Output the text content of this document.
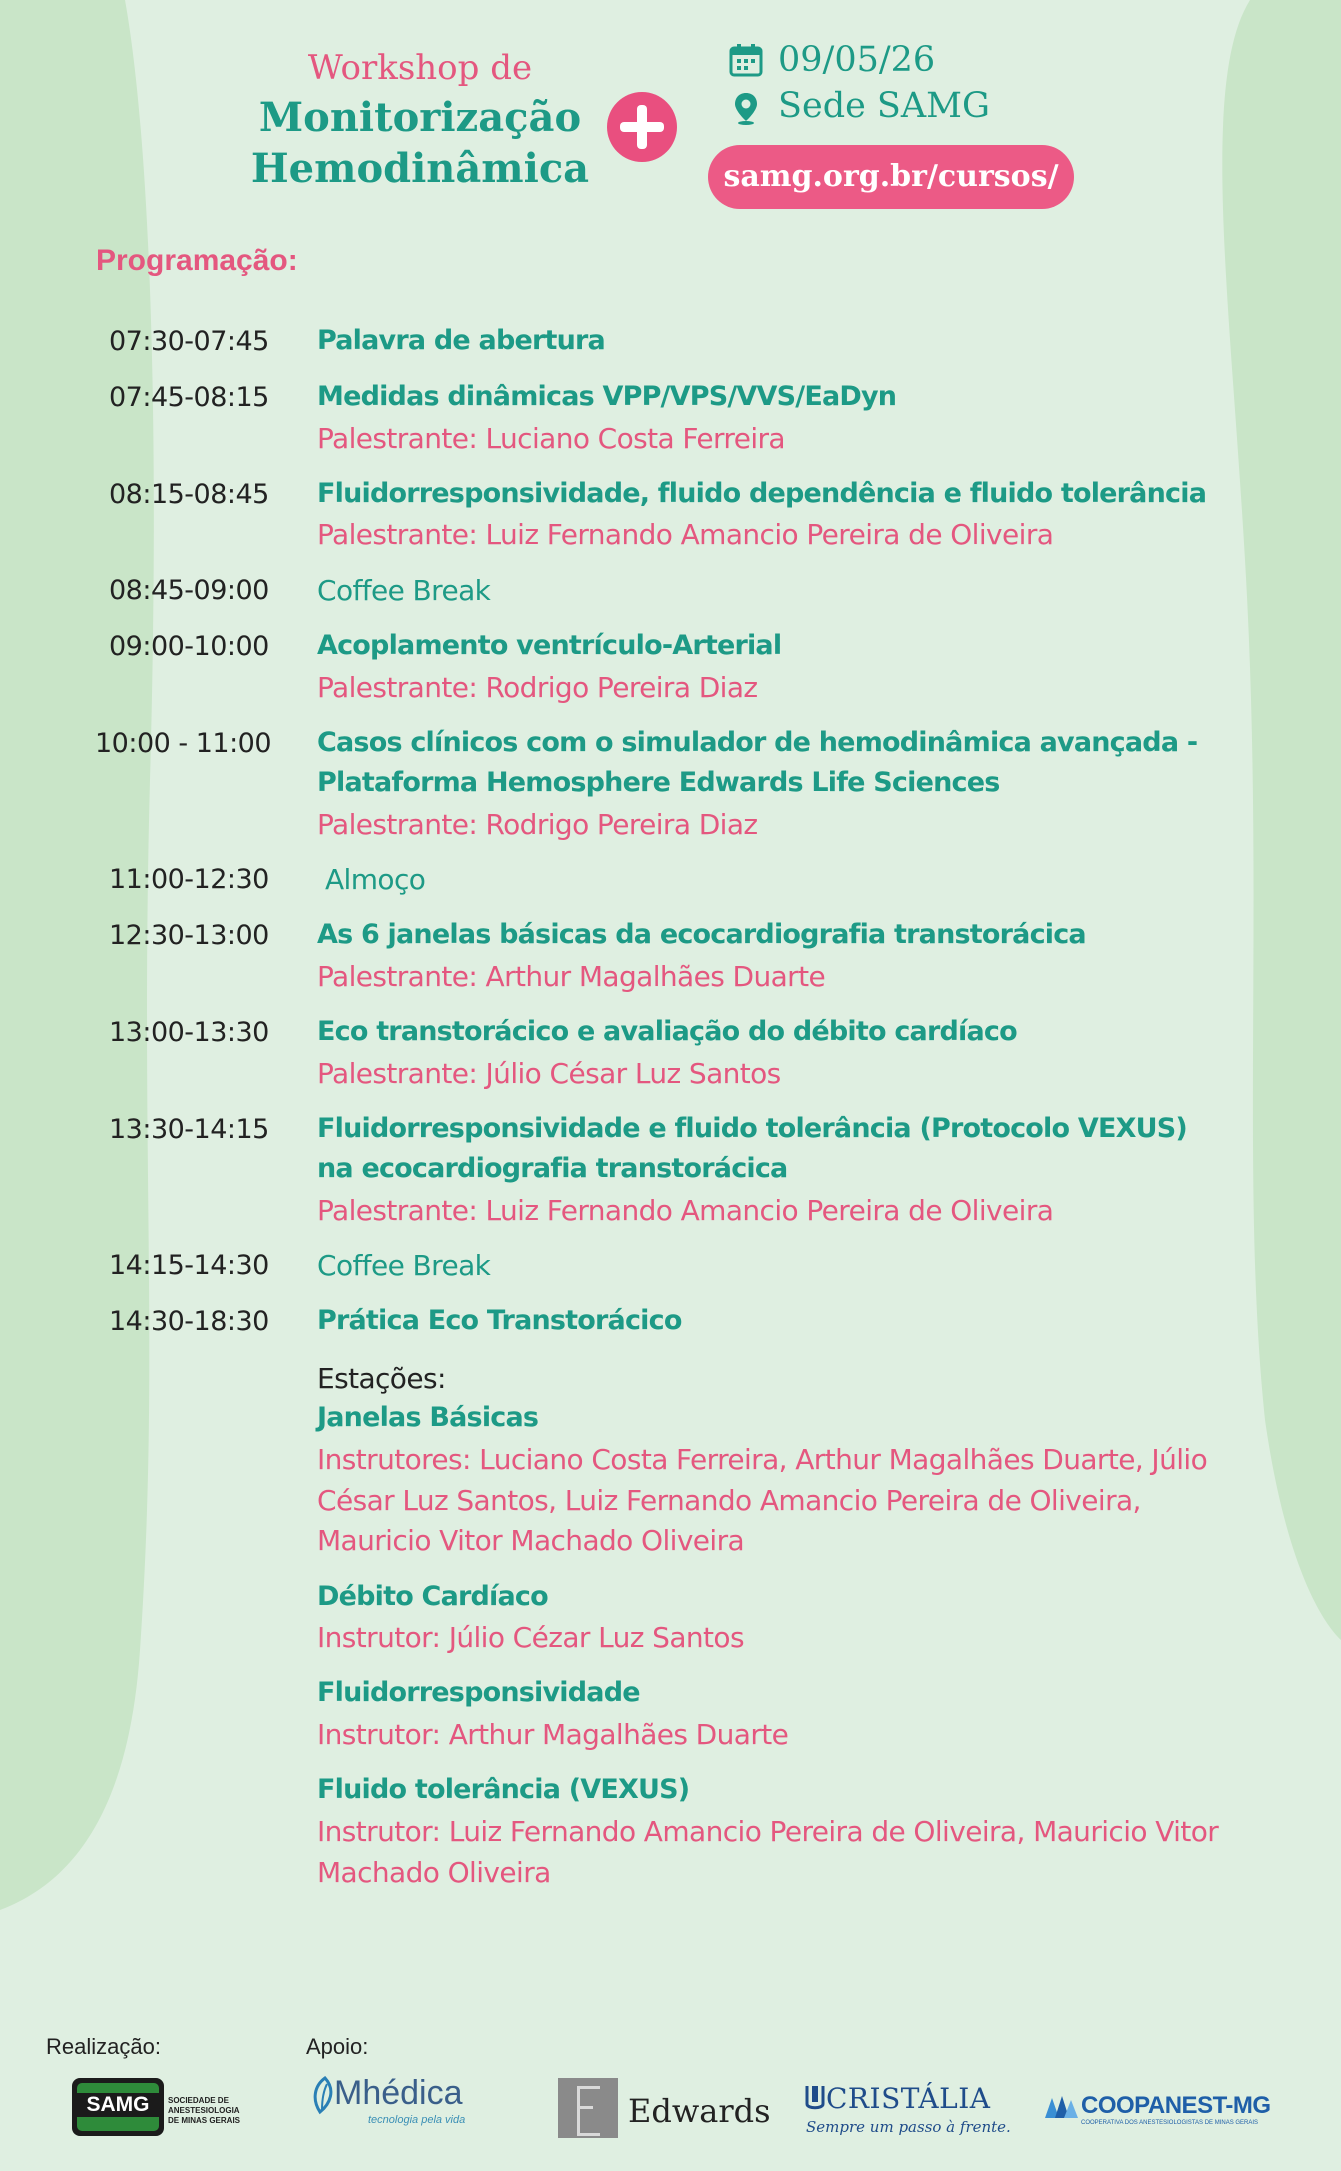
Workshop de
Monitorização
Hemodinâmica
09/05/26
Sede SAMG
samg.org.br/cursos/
Programação:
07:30-07:45 Palavra de abertura
07:45-08:15 Medidas dinâmicas VPP/VPS/VVS/EaDyn
Palestrante: Luciano Costa Ferreira
08:15-08:45 Fluidorresponsividade, fluido dependência e fluido tolerância
Palestrante: Luiz Fernando Amancio Pereira de Oliveira
08:45-09:00 Coffee Break
09:00-10:00 Acoplamento ventrículo-Arterial
Palestrante: Rodrigo Pereira Diaz
10:00 - 11:00 Casos clínicos com o simulador de hemodinâmica avançada -
Plataforma Hemosphere Edwards Life Sciences
Palestrante: Rodrigo Pereira Diaz
11:00-12:30 Almoço
12:30-13:00 As 6 janelas básicas da ecocardiografia transtorácica
Palestrante: Arthur Magalhães Duarte
13:00-13:30 Eco transtorácico e avaliação do débito cardíaco
Palestrante: Júlio César Luz Santos
13:30-14:15 Fluidorresponsividade e fluido tolerância (Protocolo VEXUS)
na ecocardiografia transtorácica
Palestrante: Luiz Fernando Amancio Pereira de Oliveira
14:15-14:30 Coffee Break
14:30-18:30 Prática Eco Transtorácico
Estações:
Janelas Básicas
Instrutores: Luciano Costa Ferreira, Arthur Magalhães Duarte, Júlio
César Luz Santos, Luiz Fernando Amancio Pereira de Oliveira,
Mauricio Vitor Machado Oliveira
Débito Cardíaco
Instrutor: Júlio Cézar Luz Santos
Fluidorresponsividade
Instrutor: Arthur Magalhães Duarte
Fluido tolerância (VEXUS)
Instrutor: Luiz Fernando Amancio Pereira de Oliveira, Mauricio Vitor
Machado Oliveira
Realização:	Apoio:
SAMG	SOCIEDADE DE
ANESTESIOLOGIA
DE MINAS GERAIS
Mhédica
tecnologia pela vida	Edwards CRISTÁLIA
Sempre um passo à frente.
COOPANEST-MG
COOPERATIVA DOS ANESTESIOLOGISTAS DE MINAS GERAIS
